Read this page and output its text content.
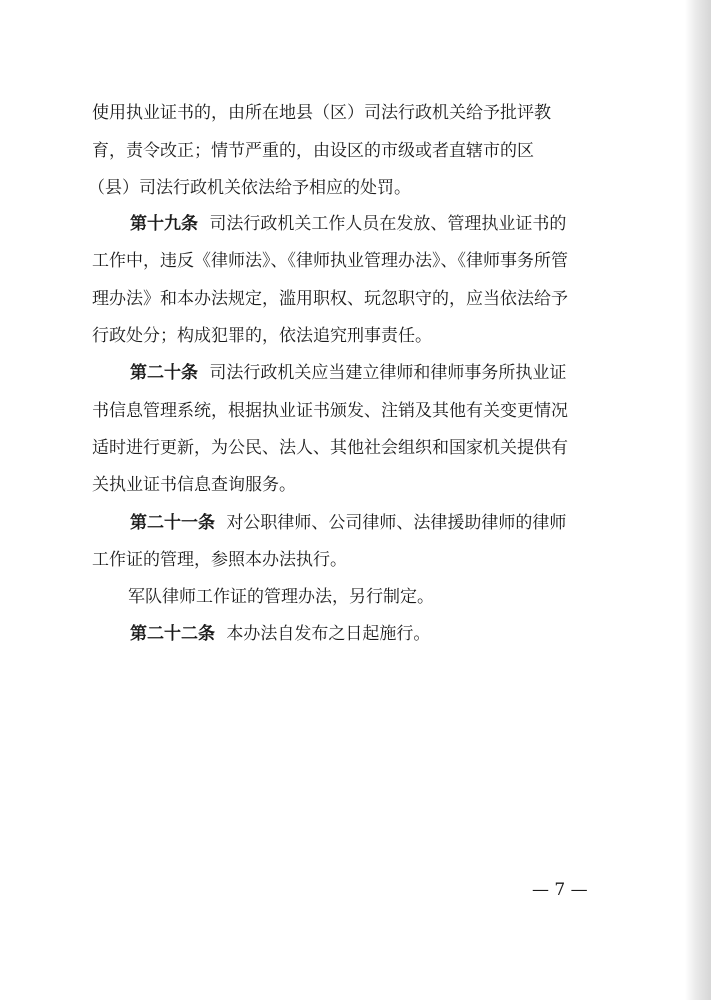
使用执业证书的，由所在地县（区）司法行政机关给予批评教
育，责令改正；情节严重的，由设区的市级或者直辖市的区
（县）司法行政机关依法给予相应的处罚。
第十九条 司法行政机关工作人员在发放、管理执业证书的
工作中，违反《律师法》、《律师执业管理办法》、《律师事务所管
理办法》和本办法规定，滥用职权、玩忽职守的，应当依法给予
行政处分；构成犯罪的，依法追究刑事责任。
第二十条 司法行政机关应当建立律师和律师事务所执业证
书信息管理系统，根据执业证书颁发、注销及其他有关变更情况
适时进行更新，为公民、法人、其他社会组织和国家机关提供有
关执业证书信息查询服务。
第二十一条 对公职律师、公司律师、法律援助律师的律师
工作证的管理，参照本办法执行。
军队律师工作证的管理办法，另行制定。
第二十二条 本办法自发布之日起施行。
— 7 —
